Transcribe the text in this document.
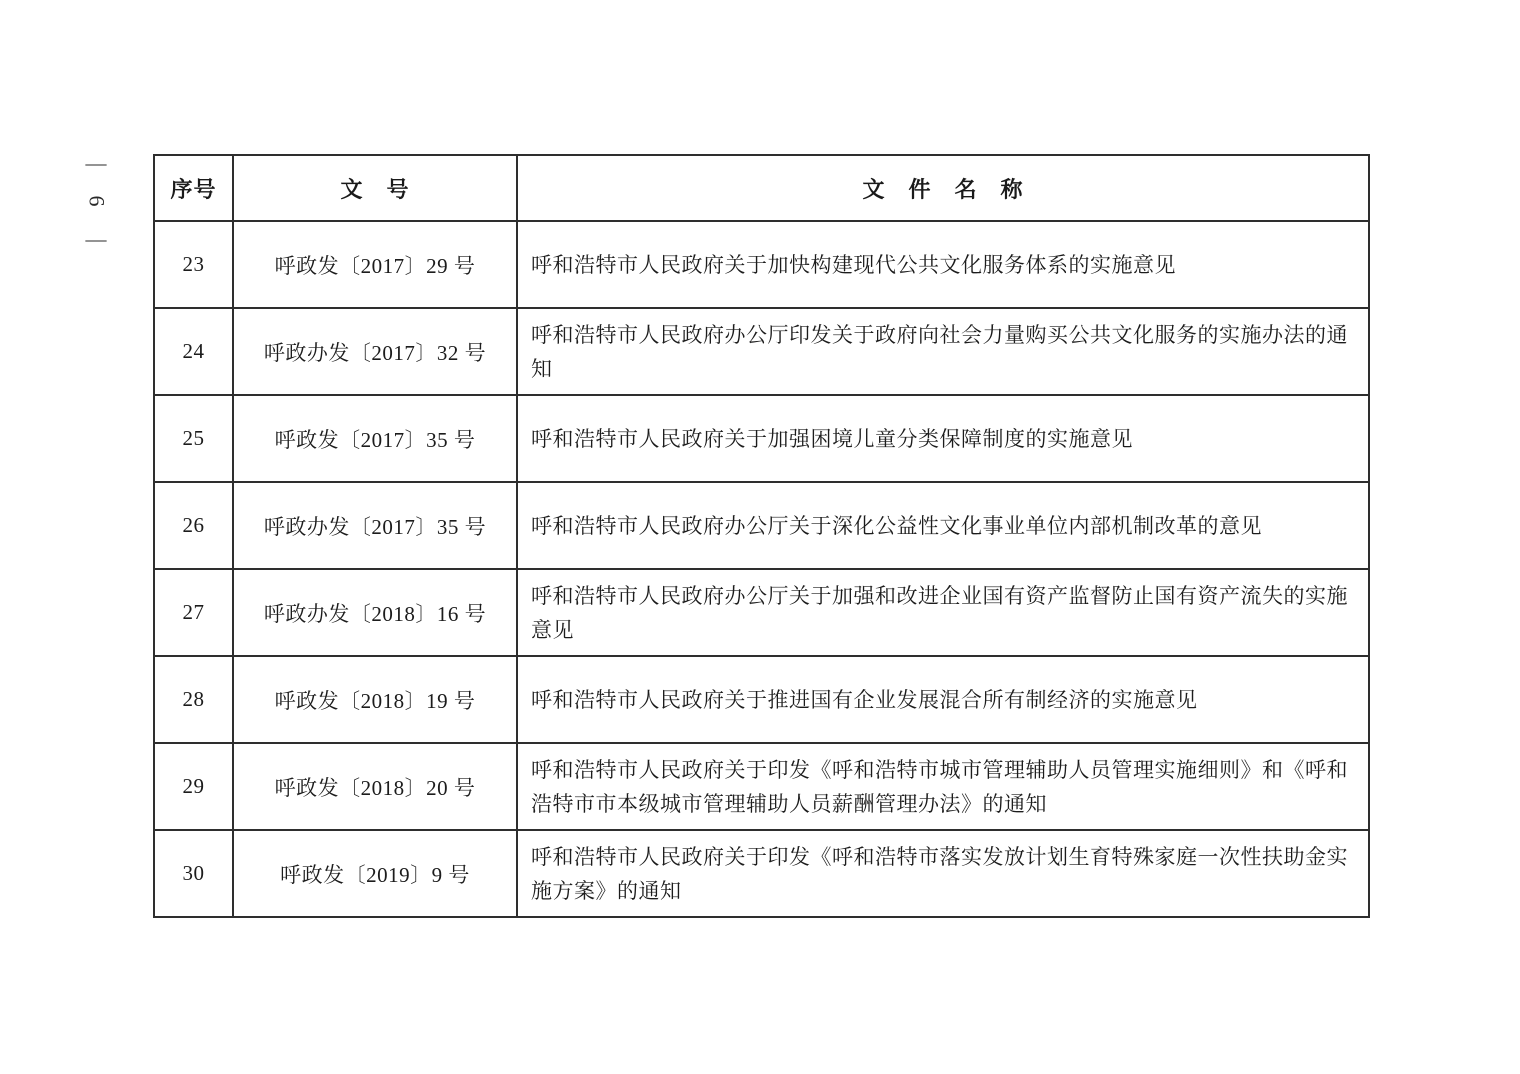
—
6
—
序号	文　号	文　件　名　称
23	呼政发〔2017〕29 号	呼和浩特市人民政府关于加快构建现代公共文化服务体系的实施意见
24	呼政办发〔2017〕32 号	呼和浩特市人民政府办公厅印发关于政府向社会力量购买公共文化服务的实施办法的通知
25	呼政发〔2017〕35 号	呼和浩特市人民政府关于加强困境儿童分类保障制度的实施意见
26	呼政办发〔2017〕35 号	呼和浩特市人民政府办公厅关于深化公益性文化事业单位内部机制改革的意见
27	呼政办发〔2018〕16 号	呼和浩特市人民政府办公厅关于加强和改进企业国有资产监督防止国有资产流失的实施意见
28	呼政发〔2018〕19 号	呼和浩特市人民政府关于推进国有企业发展混合所有制经济的实施意见
29	呼政发〔2018〕20 号	呼和浩特市人民政府关于印发《呼和浩特市城市管理辅助人员管理实施细则》和《呼和浩特市市本级城市管理辅助人员薪酬管理办法》的通知
30	呼政发〔2019〕9 号	呼和浩特市人民政府关于印发《呼和浩特市落实发放计划生育特殊家庭一次性扶助金实施方案》的通知
